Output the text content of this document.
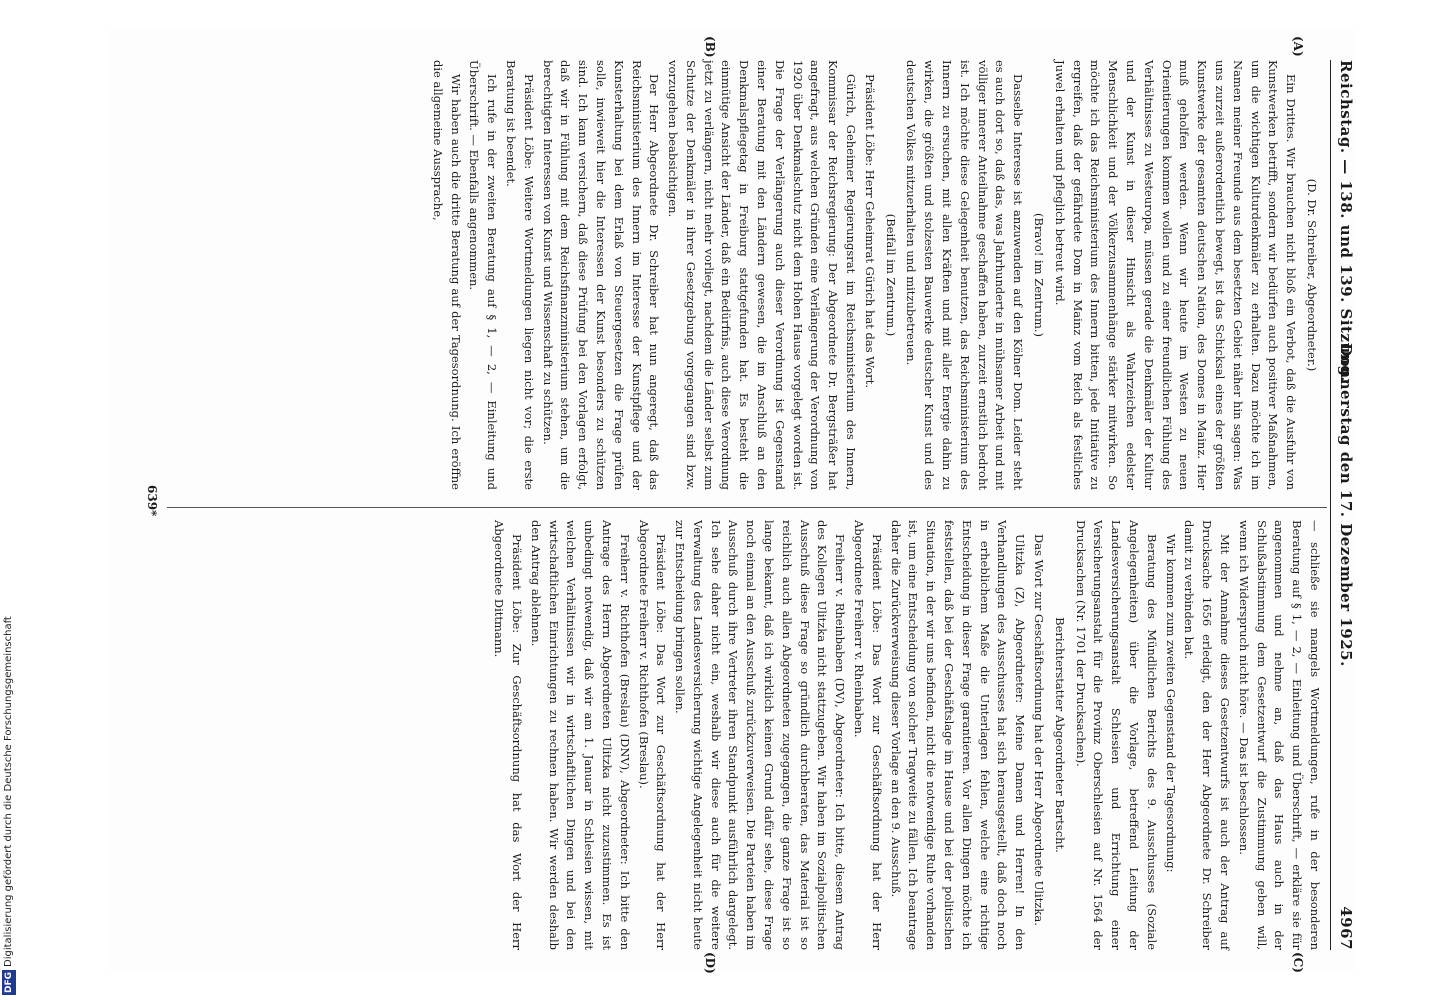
Reichstag. — 138. und 139. Sitzung.
Donnerstag den 17. Dezember 1925.
4967
(A)
(B)
(C)
(D)

(D. Dr. Schreiber, Abgeordneter.)

Ein Drittes. Wir brauchen nicht bloß ein Verbot, daß die Ausfuhr von Kunstwerken betrifft, sondern wir bedürfen auch positiver Maßnahmen, um die wichtigen Kulturdenkmäler zu erhalten. Dazu möchte ich im Namen meiner Freunde aus dem besetzten Gebiet näher hin sagen: Was uns zurzeit außerordentlich bewegt, ist das Schicksal eines der größten Kunstwerke der gesamten deutschen Nation, des Domes in Mainz. Hier muß geholfen werden. Wenn wir heute im Westen zu neuen Orientierungen kommen wollen und zu einer freundlichen Fühlung des Verhältnisses zu Westeuropa, müssen gerade die Denkmäler der Kultur und der Kunst in dieser Hinsicht als Wahrzeichen edelster Menschlichkeit und der Völkerzusammenhänge stärker mitwirken. So möchte ich das Reichsministerium des Innern bitten, jede Initiative zu ergreifen, daß der gefährdete Dom in Mainz vom Reich als festliches Juwel erhalten und pfleglich betreut wird.

(Bravo! im Zentrum.)

Dasselbe Interesse ist anzuwenden auf den Kölner Dom. Leider steht es auch dort so, daß das, was Jahrhunderte in mühsamer Arbeit und mit völliger innerer Anteilnahme geschaffen haben, zurzeit ernstlich bedroht ist. Ich möchte diese Gelegenheit benutzen, das Reichsministerium des Innern zu ersuchen, mit allen Kräften und mit aller Energie dahin zu wirken, die größten und stolzesten Bauwerke deutscher Kunst und des deutschen Volkes mitzuerhalten und mitzubetreuen.

(Beifall im Zentrum.)

Präsident Löbe: Herr Geheimrat Gürich hat das Wort.

Gürich, Geheimer Regierungsrat im Reichsministerium des Innern, Kommissar der Reichsregierung: Der Abgeordnete Dr. Bergsträßer hat angefragt, aus welchen Gründen eine Verlängerung der Verordnung von 1920 über Denkmalschutz nicht dem Hohen Hause vorgelegt worden ist. Die Frage der Verlängerung auch dieser Verordnung ist Gegenstand einer Beratung mit den Ländern gewesen, die im Anschluß an den Denkmalspflegetag in Freiburg stattgefunden hat. Es besteht die einmütige Ansicht der Länder, daß ein Bedürfnis, auch diese Verordnung jetzt zu verlängern, nicht mehr vorliegt, nachdem die Länder selbst zum Schutze der Denkmäler in ihrer Gesetzgebung vorgegangen sind bzw. vorzugehen beabsichtigen.

Der Herr Abgeordnete Dr. Schreiber hat nun angeregt, daß das Reichsministerium des Innern im Interesse der Kunstpflege und der Kunsterhaltung bei dem Erlaß von Steuergesetzen die Frage prüfen solle, inwieweit hier die Interessen der Kunst besonders zu schützen sind. Ich kann versichern, daß diese Prüfung bei den Vorlagen erfolgt, daß wir in Fühlung mit dem Reichsfinanzministerium stehen, um die berechtigten Interessen von Kunst und Wissenschaft zu schützen.

Präsident Löbe: Weitere Wortmeldungen liegen nicht vor; die erste Beratung ist beendet.

Ich rufe in der zweiten Beratung auf § 1, — 2, — Einleitung und Überschrift. — Ebenfalls angenommen.

Wir haben auch die dritte Beratung auf der Tagesordnung. Ich eröffne die allgemeine Aussprache,

— schließe sie mangels Wortmeldungen, rufe in der besonderen Beratung auf § 1, — 2, — Einleitung und Überschrift, — erkläre sie für angenommen und nehme an, daß das Haus auch in der Schlußabstimmung dem Gesetzentwurf die Zustimmung geben will, wenn ich Widerspruch nicht höre. — Das ist beschlossen.

Mit der Annahme dieses Gesetzentwurfs ist auch der Antrag auf Drucksache 1656 erledigt, den der Herr Abgeordnete Dr. Schreiber damit zu verbinden bat.

Wir kommen zum zweiten Gegenstand der Tagesordnung:

Beratung des Mündlichen Berichts des 9. Ausschusses (Soziale Angelegenheiten) über die Vorlage, betreffend Leitung der Landesversicherungsanstalt Schlesien und Errichtung einer Versicherungsanstalt für die Provinz Oberschlesien auf Nr. 1564 der Drucksachen (Nr. 1701 der Drucksachen).

Berichterstatter Abgeordneter Bartscht.

Das Wort zur Geschäftsordnung hat der Herr Abgeordnete Ulitzka.

Ulitzka (Z), Abgeordneter: Meine Damen und Herren! In den Verhandlungen des Ausschusses hat sich herausgestellt, daß doch noch in erheblichem Maße die Unterlagen fehlen, welche eine richtige Entscheidung in dieser Frage garantieren. Vor allen Dingen möchte ich feststellen, daß bei der Geschäftslage im Hause und bei der politischen Situation, in der wir uns befinden, nicht die notwendige Ruhe vorhanden ist, um eine Entscheidung von solcher Tragweite zu fällen. Ich beantrage daher die Zurückverweisung dieser Vorlage an den 9. Ausschuß.

Präsident Löbe: Das Wort zur Geschäftsordnung hat der Herr Abgeordnete Freiherr v. Rheinbaben.

Freiherr v. Rheinbaben (DV), Abgeordneter: Ich bitte, diesem Antrag des Kollegen Ulitzka nicht stattzugeben. Wir haben im Sozialpolitischen Ausschuß diese Frage so gründlich durchberaten, das Material ist so reichlich auch allen Abgeordneten zugegangen, die ganze Frage ist so lange bekannt, daß ich wirklich keinen Grund dafür sehe, diese Frage noch einmal an den Ausschuß zurückzuverweisen. Die Parteien haben im Ausschuß durch ihre Vertreter ihren Standpunkt ausführlich dargelegt. Ich sehe daher nicht ein, weshalb wir diese auch für die weitere Verwaltung des Landesversicherung wichtige Angelegenheit nicht heute zur Entscheidung bringen sollen.

Präsident Löbe: Das Wort zur Geschäftsordnung hat der Herr Abgeordnete Freiherr v. Richthofen (Breslau).

Freiherr v. Richthofen (Breslau) (DNV), Abgeordneter: Ich bitte den Antrage des Herrn Abgeordneten Ulitzka nicht zuzustimmen. Es ist unbedingt notwendig, daß wir am 1. Januar in Schlesien wissen, mit welchen Verhältnissen wir in wirtschaftlichen Dingen und bei den wirtschaftlichen Einrichtungen zu rechnen haben. Wir werden deshalb den Antrag ablehnen.

Präsident Löbe: Zur Geschäftsordnung hat das Wort der Herr Abgeordnete Dittmann.

639*
DFGDigitalisierung gefördert durch die Deutsche Forschungsgemeinschaft
